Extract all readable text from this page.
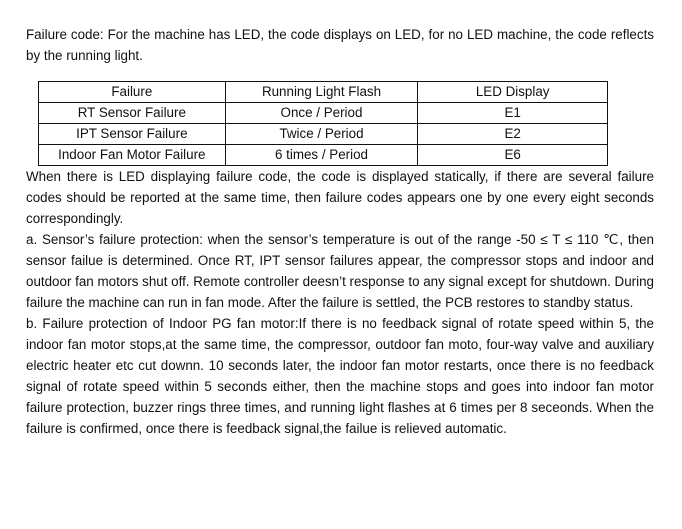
Failure code: For the machine has LED, the code displays on LED, for no LED machine, the code reflects by the running light.

Failure	Running Light Flash	LED Display
RT Sensor Failure	Once / Period	E1
IPT Sensor Failure	Twice / Period	E2
Indoor Fan Motor Failure	6 times / Period	E6

When there is LED displaying failure code, the code is displayed statically, if there are several failure codes should be reported at the same time, then failure codes appears one by one every eight seconds correspondingly.

a. Sensor’s failure protection: when the sensor’s temperature is out of the range -50 ≤ T ≤ 110 ℃, then sensor failue is determined. Once RT, IPT sensor failures appear, the compressor stops and indoor and outdoor fan motors shut off. Remote controller deesn’t response to any signal except for shutdown. During failure the machine can run in fan mode. After the failure is settled, the PCB restores to standby status.

b. Failure protection of Indoor PG fan motor:If there is no feedback signal of rotate speed within 5, the indoor fan motor stops,at the same time, the compressor, outdoor fan moto, four-way valve and auxiliary electric heater etc cut downn. 10 seconds later, the indoor fan motor restarts, once there is no feedback signal of rotate speed within 5 seconds either, then the machine stops and goes into indoor fan motor failure protection, buzzer rings three times, and running light flashes at 6 times per 8 seceonds. When the failure is confirmed, once there is feedback signal,the failue is relieved automatic.
